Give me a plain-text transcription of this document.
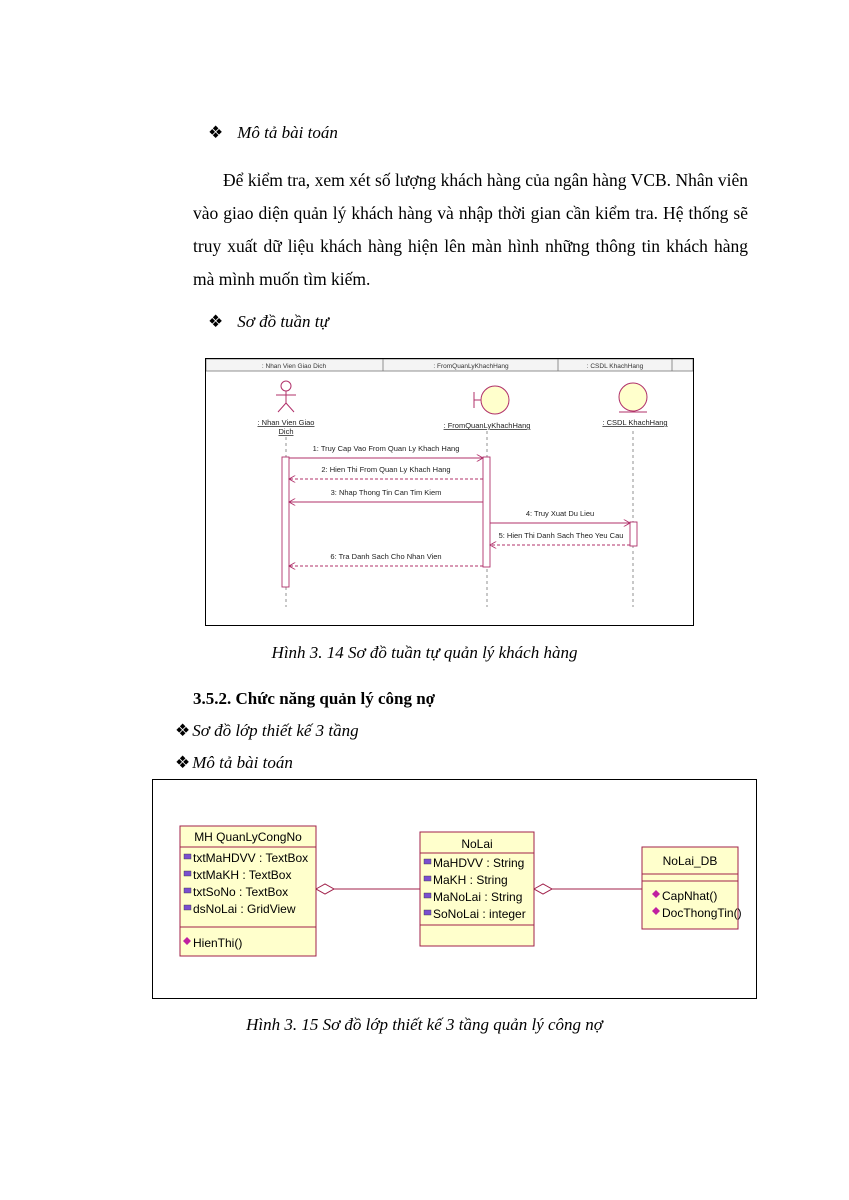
❖ Mô tả bài toán
Để kiểm tra, xem xét số lượng khách hàng của ngân hàng VCB. Nhân viên vào giao diện quản lý khách hàng và nhập thời gian cần kiểm tra. Hệ thống sẽ truy xuất dữ liệu khách hàng hiện lên màn hình những thông tin khách hàng mà mình muốn tìm kiếm.
❖ Sơ đồ tuần tự
: Nhan Vien Giao Dich	: FromQuanLyKhachHang	: CSDL KhachHang
: Nhan Vien Giao
Dich
: FromQuanLyKhachHang	: CSDL KhachHang
1: Truy Cap Vao From Quan Ly Khach Hang
2: Hien Thi From Quan Ly Khach Hang
3: Nhap Thong Tin Can Tim Kiem
4: Truy Xuat Du Lieu
5: Hien Thi Danh Sach Theo Yeu Cau
6: Tra Danh Sach Cho Nhan Vien
Hình 3. 14 Sơ đồ tuần tự quản lý khách hàng
3.5.2. Chức năng quản lý công nợ
❖ Sơ đồ lớp thiết kế 3 tầng
❖ Mô tả bài toán
MH QuanLyCongNo
txtMaHDVV : TextBox
txtMaKH : TextBox
txtSoNo : TextBox
dsNoLai : GridView
HienThi()
NoLai
MaHDVV : String
MaKH : String
MaNoLai : String
SoNoLai : integer
NoLai_DB
CapNhat()
DocThongTin()
Hình 3. 15 Sơ đồ lớp thiết kế 3 tầng quản lý công nợ
